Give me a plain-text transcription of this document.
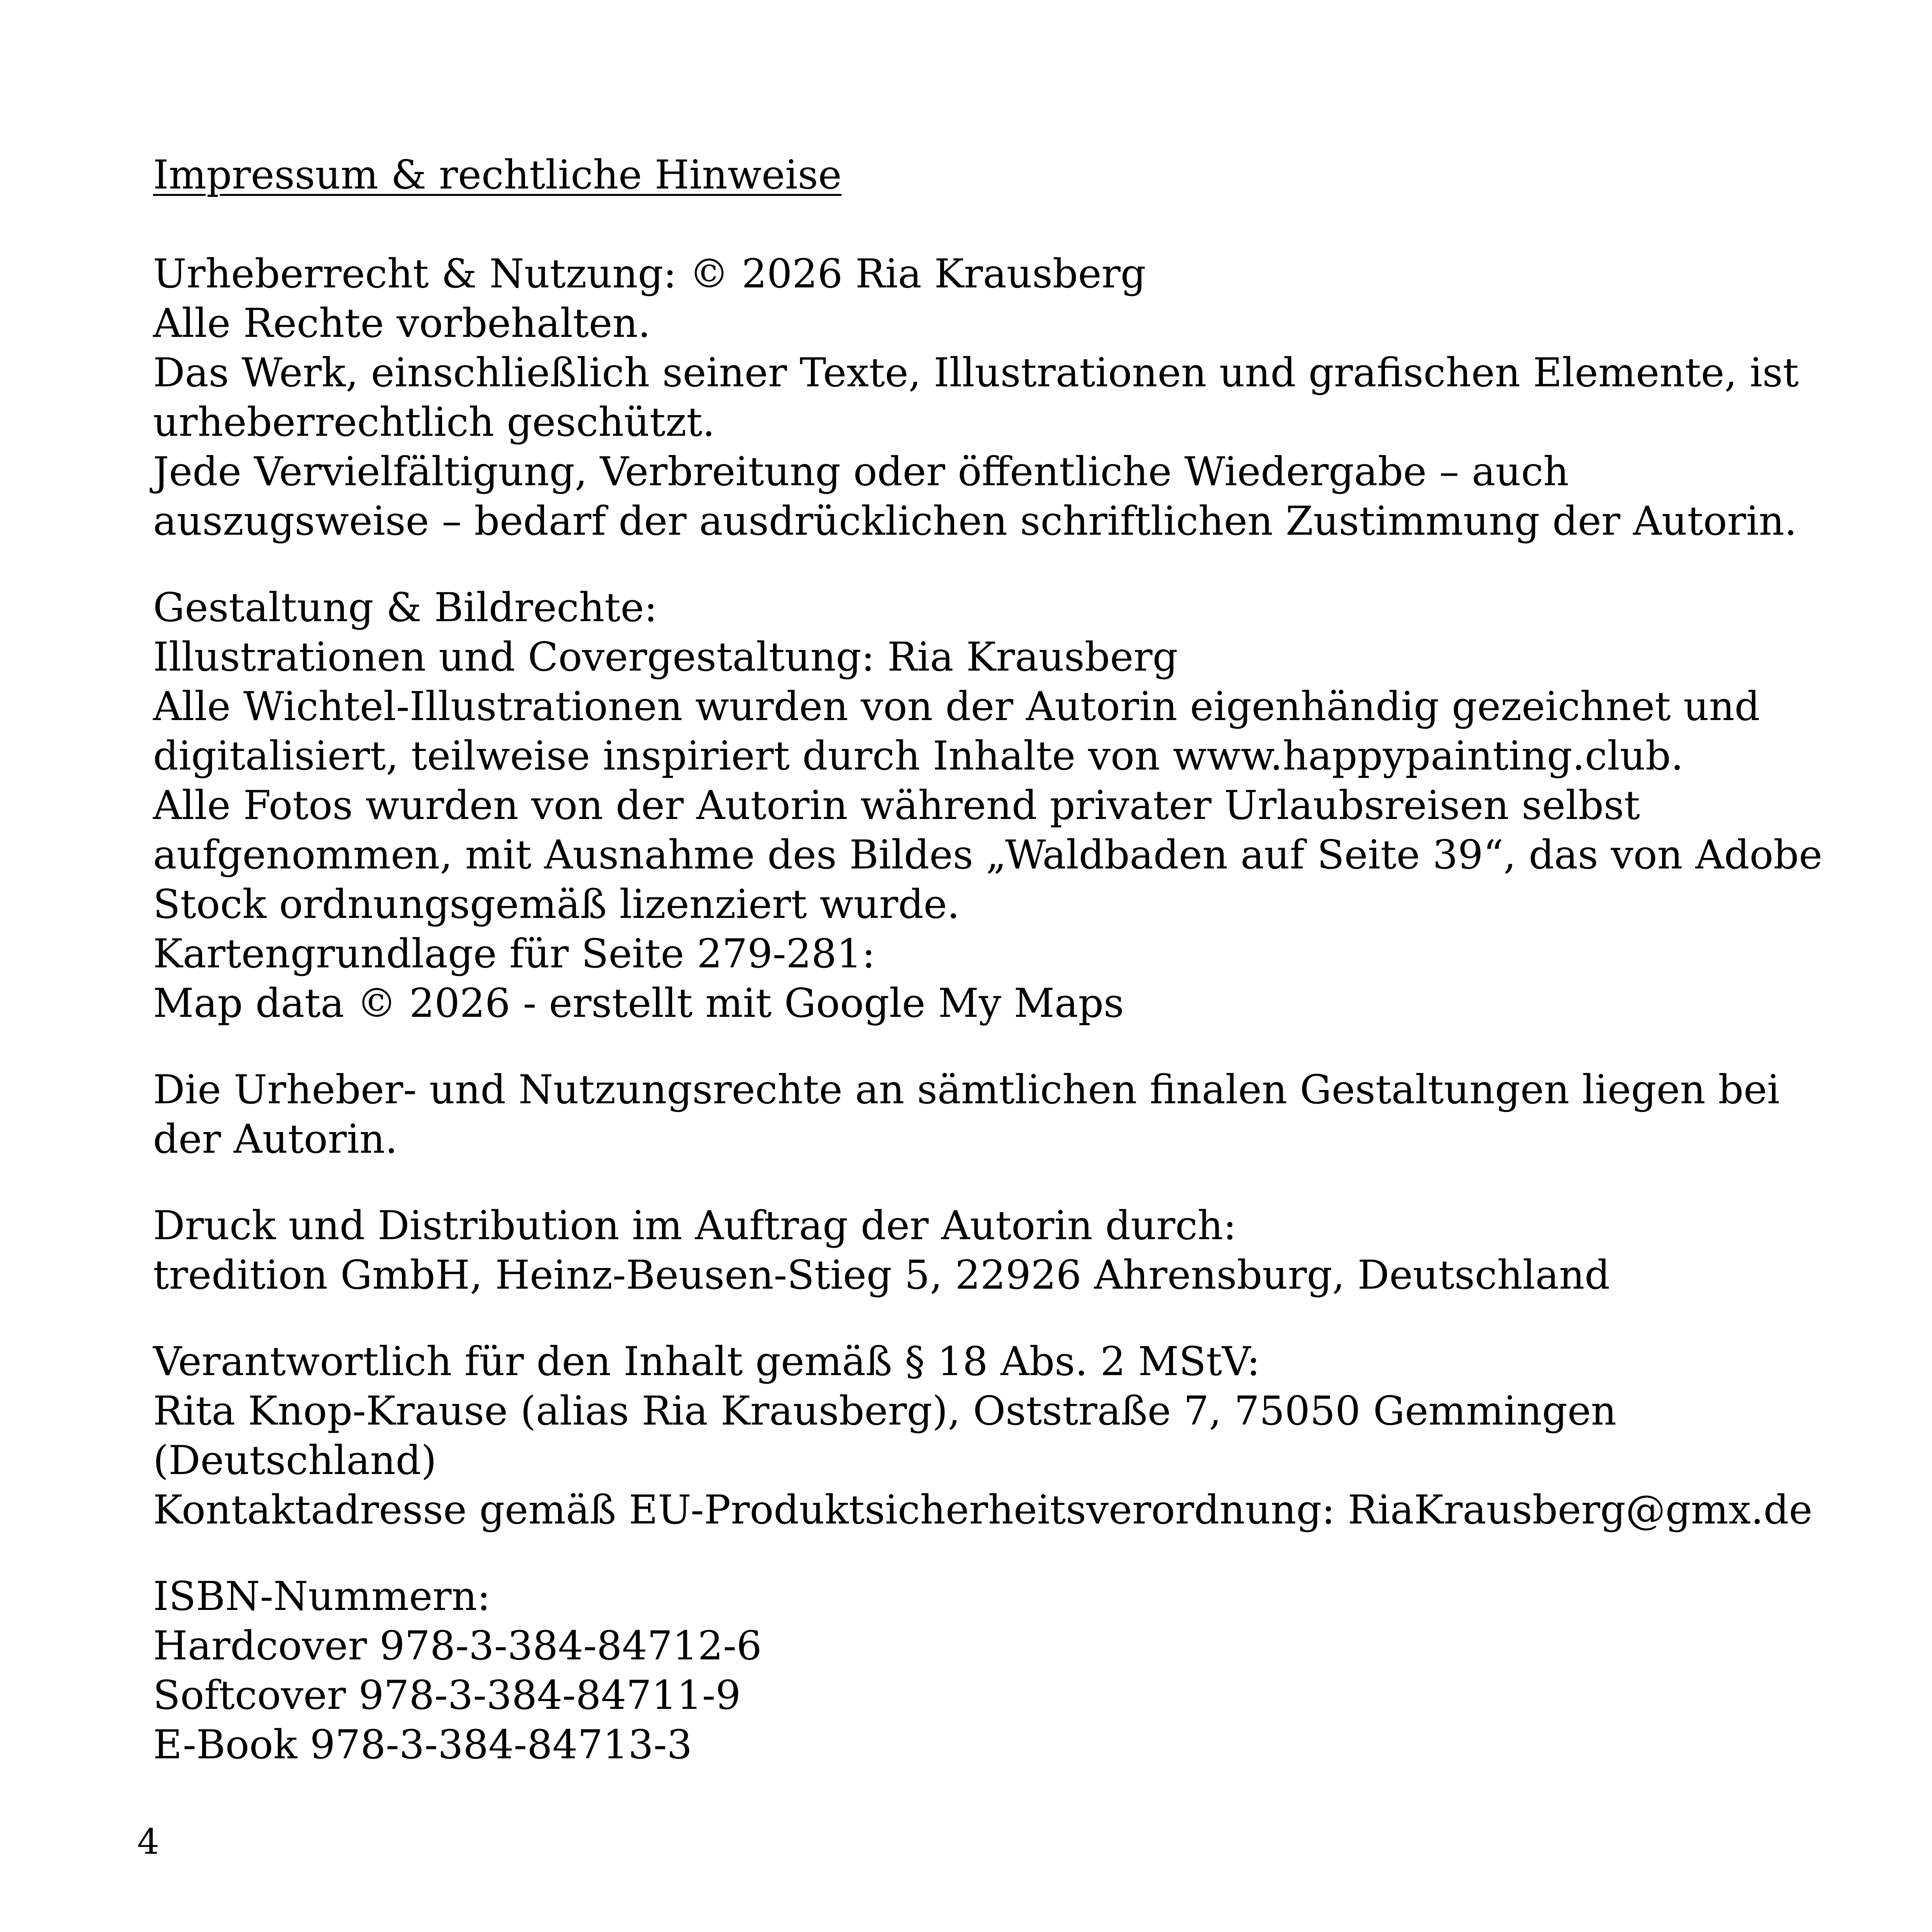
Impressum & rechtliche Hinweise
Urheberrecht & Nutzung: © 2026 Ria Krausberg
Alle Rechte vorbehalten.
Das Werk, einschließlich seiner Texte, Illustrationen und grafischen Elemente, ist
urheberrechtlich geschützt.
Jede Vervielfältigung, Verbreitung oder öffentliche Wiedergabe – auch
auszugsweise – bedarf der ausdrücklichen schriftlichen Zustimmung der Autorin.
Gestaltung & Bildrechte:
Illustrationen und Covergestaltung: Ria Krausberg
Alle Wichtel-Illustrationen wurden von der Autorin eigenhändig gezeichnet und
digitalisiert, teilweise inspiriert durch Inhalte von www.happypainting.club.
Alle Fotos wurden von der Autorin während privater Urlaubsreisen selbst
aufgenommen, mit Ausnahme des Bildes „Waldbaden auf Seite 39“, das von Adobe
Stock ordnungsgemäß lizenziert wurde.
Kartengrundlage für Seite 279-281:
Map data © 2026 - erstellt mit Google My Maps
Die Urheber- und Nutzungsrechte an sämtlichen finalen Gestaltungen liegen bei
der Autorin.
Druck und Distribution im Auftrag der Autorin durch:
tredition GmbH, Heinz-Beusen-Stieg 5, 22926 Ahrensburg, Deutschland
Verantwortlich für den Inhalt gemäß § 18 Abs. 2 MStV:
Rita Knop-Krause (alias Ria Krausberg), Oststraße 7, 75050 Gemmingen
(Deutschland)
Kontaktadresse gemäß EU-Produktsicherheitsverordnung: RiaKrausberg@gmx.de
ISBN-Nummern:
Hardcover 978-3-384-84712-6
Softcover 978-3-384-84711-9
E-Book 978-3-384-84713-3
4
